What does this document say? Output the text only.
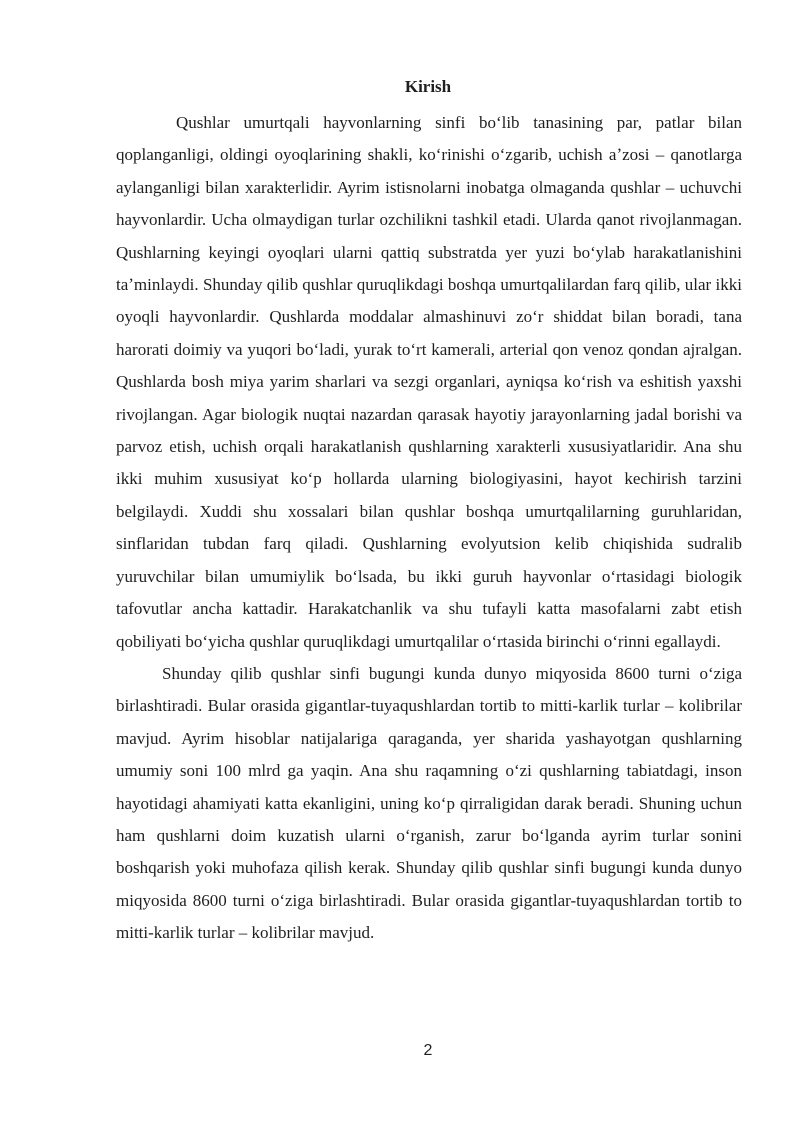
Kirish

Qushlar umurtqali hayvonlarning sinfi boʻlib tanasining par, patlar bilan qoplanganligi, oldingi oyoqlarining shakli, koʻrinishi oʻzgarib, uchish aʼzosi – qanotlarga aylanganligi bilan xarakterlidir. Ayrim istisnolarni inobatga olmaganda qushlar – uchuvchi hayvonlardir. Ucha olmaydigan turlar ozchilikni tashkil etadi. Ularda qanot rivojlanmagan. Qushlarning keyingi oyoqlari ularni qattiq substratda yer yuzi boʻylab harakatlanishini taʼminlaydi. Shunday qilib qushlar quruqlikdagi boshqa umurtqalilardan farq qilib, ular ikki oyoqli hayvonlardir. Qushlarda moddalar almashinuvi zoʻr shiddat bilan boradi, tana harorati doimiy va yuqori boʻladi, yurak toʻrt kamerali, arterial qon venoz qondan ajralgan. Qushlarda bosh miya yarim sharlari va sezgi organlari, ayniqsa koʻrish va eshitish yaxshi rivojlangan. Agar biologik nuqtai nazardan qarasak hayotiy jarayonlarning jadal borishi va parvoz etish, uchish orqali harakatlanish qushlarning xarakterli xususiyatlaridir. Ana shu ikki muhim xususiyat koʻp hollarda ularning biologiyasini, hayot kechirish tarzini belgilaydi. Xuddi shu xossalari bilan qushlar boshqa umurtqalilarning guruhlaridan, sinflaridan tubdan farq qiladi. Qushlarning evolyutsion kelib chiqishida sudralib yuruvchilar bilan umumiylik boʻlsada, bu ikki guruh hayvonlar oʻrtasidagi biologik tafovutlar ancha kattadir. Harakatchanlik va shu tufayli katta masofalarni zabt etish qobiliyati boʻyicha qushlar quruqlikdagi umurtqalilar oʻrtasida birinchi oʻrinni egallaydi.

Shunday qilib qushlar sinfi bugungi kunda dunyo miqyosida 8600 turni oʻziga birlashtiradi. Bular orasida gigantlar-tuyaqushlardan tortib to mitti-karlik turlar – kolibrilar mavjud. Ayrim hisoblar natijalariga qaraganda, yer sharida yashayotgan qushlarning umumiy soni 100 mlrd ga yaqin. Ana shu raqamning oʻzi qushlarning tabiatdagi, inson hayotidagi ahamiyati katta ekanligini, uning koʻp qirraligidan darak beradi. Shuning uchun ham qushlarni doim kuzatish ularni oʻrganish, zarur boʻlganda ayrim turlar sonini boshqarish yoki muhofaza qilish kerak. Shunday qilib qushlar sinfi bugungi kunda dunyo miqyosida 8600 turni oʻziga birlashtiradi. Bular orasida gigantlar-tuyaqushlardan tortib to mitti-karlik turlar – kolibrilar mavjud.

2
